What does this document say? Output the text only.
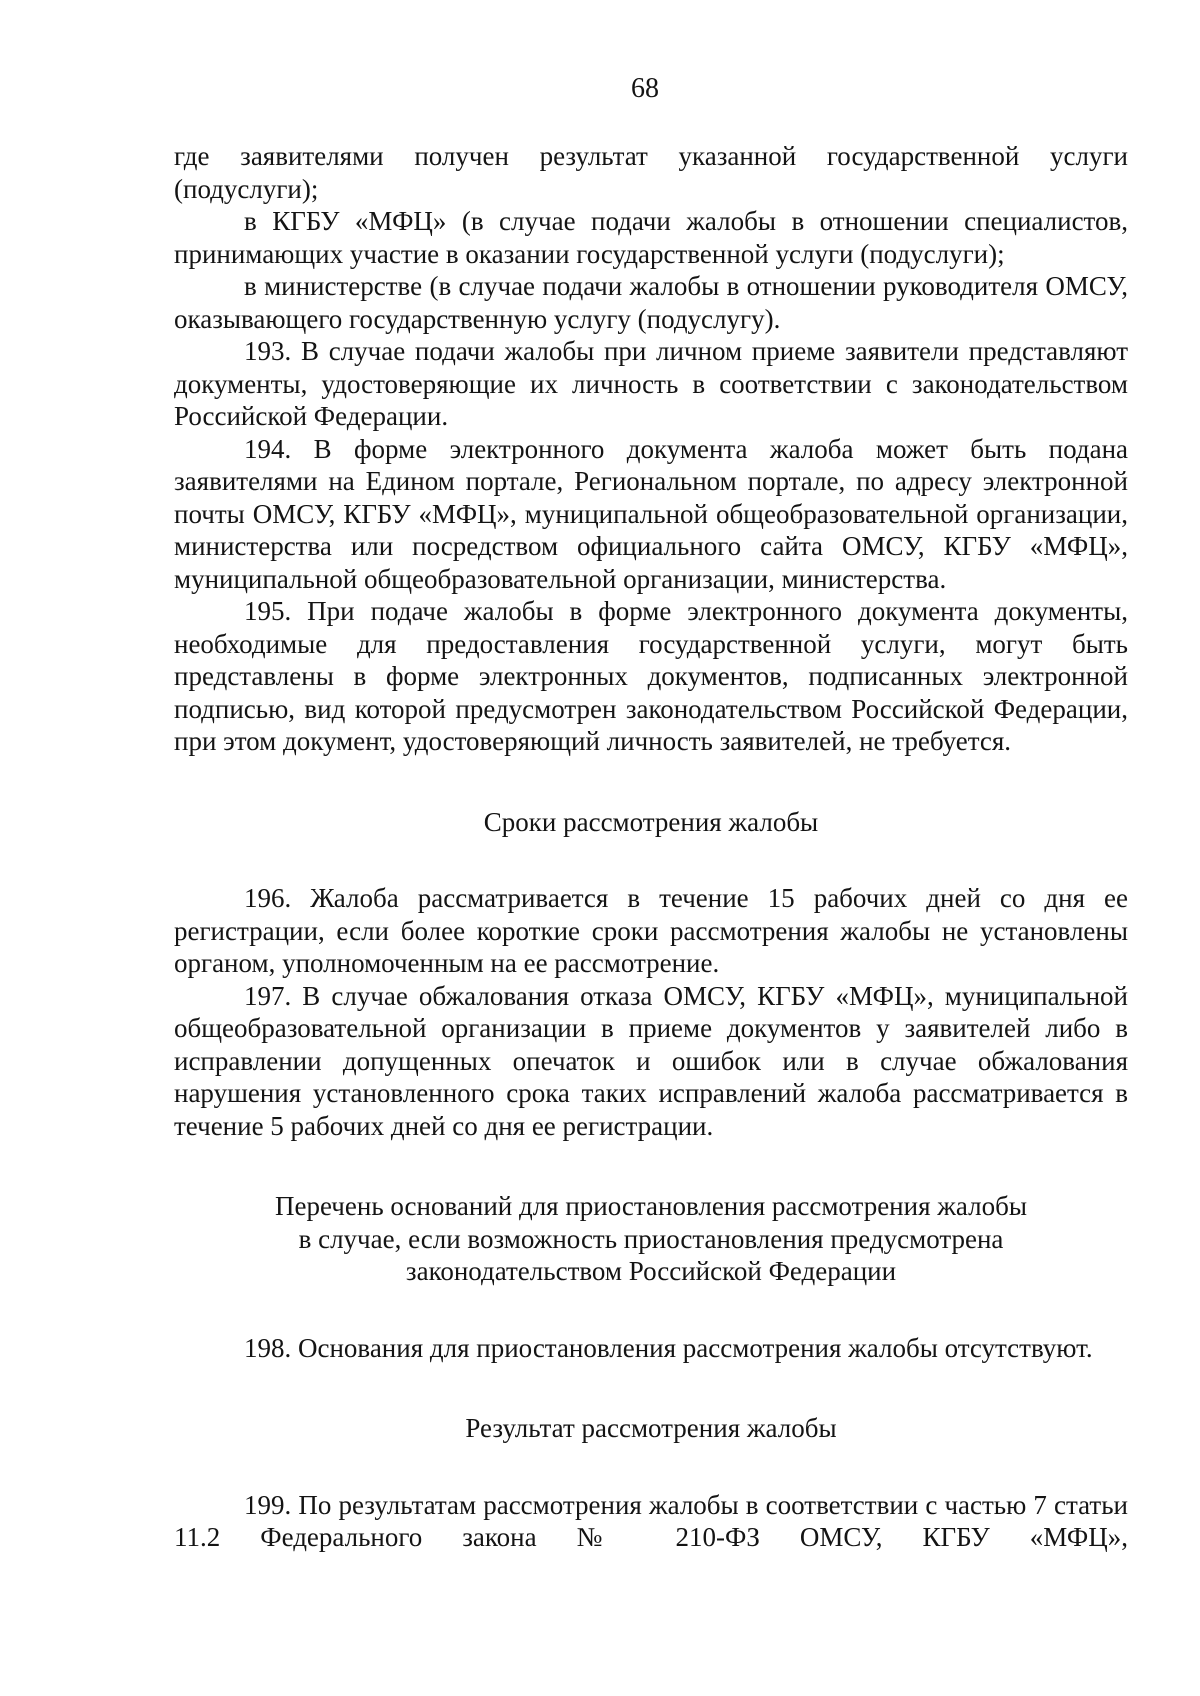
68

где заявителями получен результат указанной государственной услуги (подуслуги);

в КГБУ «МФЦ» (в случае подачи жалобы в отношении специалистов, принимающих участие в оказании государственной услуги (подуслуги);

в министерстве (в случае подачи жалобы в отношении руководителя ОМСУ, оказывающего государственную услугу (подуслугу).

193. В случае подачи жалобы при личном приеме заявители представляют документы, удостоверяющие их личность в соответствии с законодательством Российской Федерации.

194. В форме электронного документа жалоба может быть подана заявителями на Едином портале, Региональном портале, по адресу электронной почты ОМСУ, КГБУ «МФЦ», муниципальной общеобразовательной организации, министерства или посредством официального сайта ОМСУ, КГБУ «МФЦ», муниципальной общеобразовательной организации, министерства.

195. При подаче жалобы в форме электронного документа документы, необходимые для предоставления государственной услуги, могут быть представлены в форме электронных документов, подписанных электронной подписью, вид которой предусмотрен законодательством Российской Федерации, при этом документ, удостоверяющий личность заявителей, не требуется.

Сроки рассмотрения жалобы

196. Жалоба рассматривается в течение 15 рабочих дней со дня ее регистрации, если более короткие сроки рассмотрения жалобы не установлены органом, уполномоченным на ее рассмотрение.

197. В случае обжалования отказа ОМСУ, КГБУ «МФЦ», муниципальной общеобразовательной организации в приеме документов у заявителей либо в исправлении допущенных опечаток и ошибок или в случае обжалования нарушения установленного срока таких исправлений жалоба рассматривается в течение 5 рабочих дней со дня ее регистрации.

Перечень оснований для приостановления рассмотрения жалобы

в случае, если возможность приостановления предусмотрена

законодательством Российской Федерации

198. Основания для приостановления рассмотрения жалобы отсутствуют.

Результат рассмотрения жалобы

199. По результатам рассмотрения жалобы в соответствии с частью 7 статьи 11.2 Федерального закона № 210-ФЗ ОМСУ, КГБУ «МФЦ»,
